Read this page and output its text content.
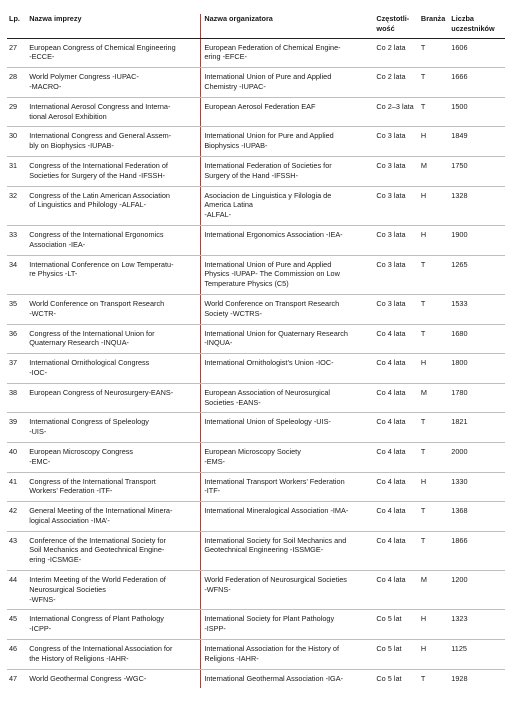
Lp.	Nazwa imprezy	Nazwa organizatora	Częstotli-
wość	Branża	Liczba
uczestników
27	European Congress of Chemical Engineering
-ECCE-	European Federation of Chemical Engine-
ering -EFCE-	Co 2 lata	T	1606
28	World Polymer Congress -IUPAC-
-MACRO-	International Union of Pure and Applied
Chemistry -IUPAC-	Co 2 lata	T	1666
29	International Aerosol Congress and Interna-
tional Aerosol Exhibition	European Aerosol Federation EAF	Co 2–3 lata	T	1500
30	International Congress and General Assem-
bly on Biophysics -IUPAB-	International Union for Pure and Applied
Biophysics -IUPAB-	Co 3 lata	H	1849
31	Congress of the International Federation of
Societies for Surgery of the Hand -IFSSH-	International Federation of Societies for
Surgery of the Hand -IFSSH-	Co 3 lata	M	1750
32	Congress of the Latin American Association
of Linguistics and Philology -ALFAL-	Asociacion de Linguistica y Filologia de
America Latina
-ALFAL-	Co 3 lata	H	1328
33	Congress of the International Ergonomics
Association -IEA-	International Ergonomics Association -IEA-	Co 3 lata	H	1900
34	International Conference on Low Temperatu-
re Physics -LT-	International Union of Pure and Applied
Physics -IUPAP- The Commission on Low
Temperature Physics (C5)	Co 3 lata	T	1265
35	World Conference on Transport Research
-WCTR-	World Conference on Transport Research
Society -WCTRS-	Co 3 lata	T	1533
36	Congress of the International Union for
Quaternary Research -INQUA-	International Union for Quaternary Research
-INQUA-	Co 4 lata	T	1680
37	International Ornithological Congress
-IOC-	International Ornithologist’s Union -IOC-	Co 4 lata	H	1800
38	European Congress of Neurosurgery-EANS-	European Association of Neurosurgical
Societies -EANS-	Co 4 lata	M	1780
39	International Congress of Speleology
-UIS-	International Union of Speleology -UIS-	Co 4 lata	T	1821
40	European Microscopy Congress
-EMC-	European Microscopy Society
-EMS-	Co 4 lata	T	2000
41	Congress of the International Transport
Workers’ Federation -ITF-	International Transport Workers’ Federation
-ITF-	Co 4 lata	H	1330
42	General Meeting of the International Minera-
logical Association -IMA’-	International Mineralogical Association -IMA-	Co 4 lata	T	1368
43	Conference of the International Society for
Soil Mechanics and Geotechnical Engine-
ering -ICSMGE-	International Society for Soil Mechanics and
Geotechnical Engineering -ISSMGE-	Co 4 lata	T	1866
44	Interim Meeting of the World Federation of
Neurosurgical Societies
-WFNS-	World Federation of Neurosurgical Societies
-WFNS-	Co 4 lata	M	1200
45	International Congress of Plant Pathology
-ICPP-	International Society for Plant Pathology
-ISPP-	Co 5 lat	H	1323
46	Congress of the International Association for
the History of Religions -IAHR-	International Association for the History of
Religions -IAHR-	Co 5 lat	H	1125
47	World Geothermal Congress -WGC-	International Geothermal Association -IGA-	Co 5 lat	T	1928
